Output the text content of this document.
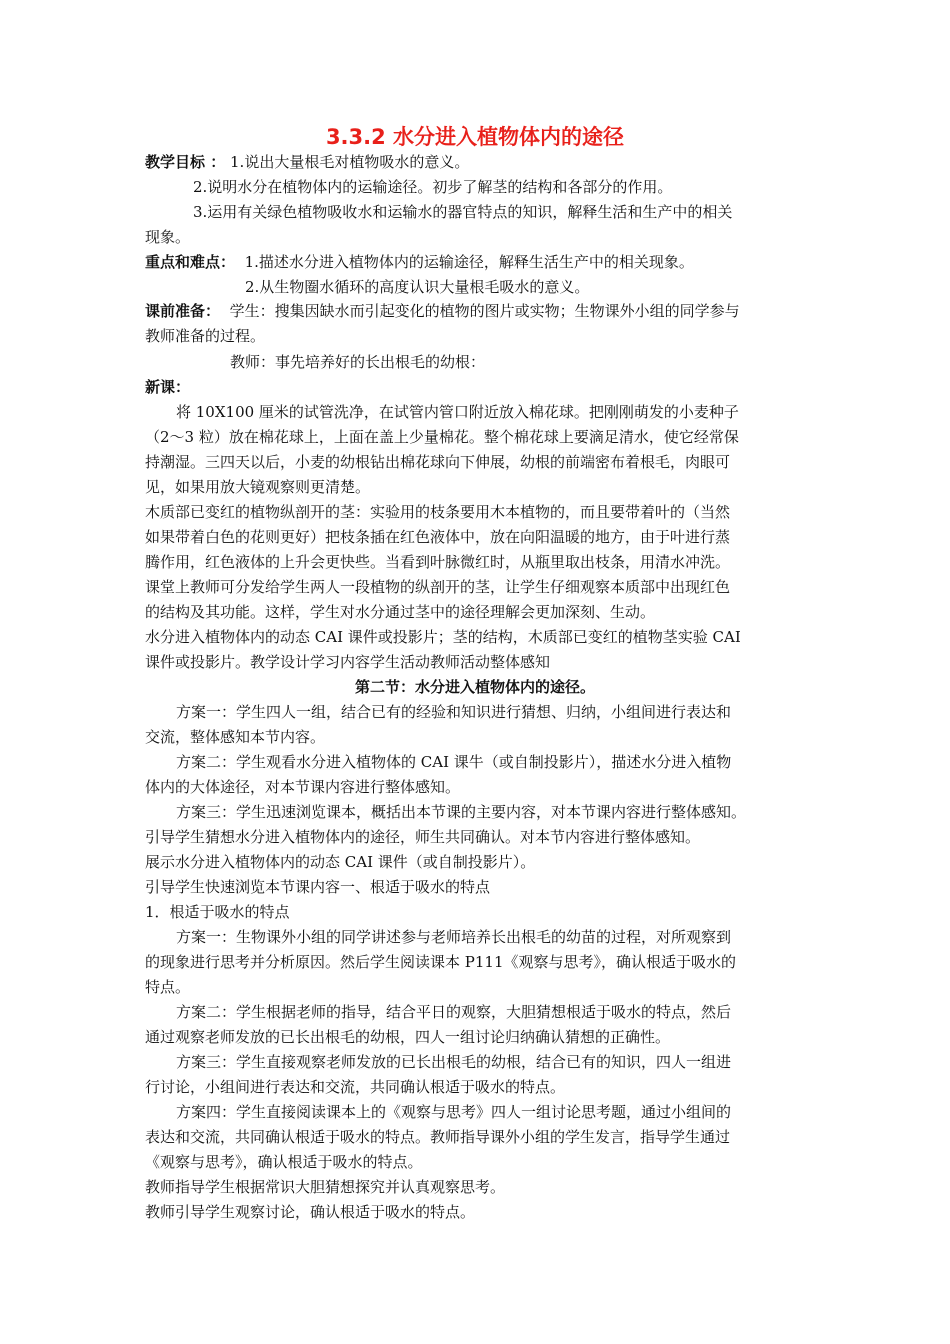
3.3.2 水分进入植物体内的途径
教学目标 ： 1.说出大量根毛对植物吸水的意义。
2.说明水分在植物体内的运输途径。初步了解茎的结构和各部分的作用。
3.运用有关绿色植物吸收水和运输水的器官特点的知识，解释生活和生产中的相关
现象。
重点和难点： 1.描述水分进入植物体内的运输途径，解释生活生产中的相关现象。
2.从生物圈水循环的高度认识大量根毛吸水的意义。
课前准备： 学生：搜集因缺水而引起变化的植物的图片或实物；生物课外小组的同学参与
教师准备的过程。
教师：事先培养好的长出根毛的幼根：
新课：
将 10X100 厘米的试管洗净，在试管内管口附近放入棉花球。把刚刚萌发的小麦种子
（2～3 粒）放在棉花球上，上面在盖上少量棉花。整个棉花球上要滴足清水，使它经常保
持潮湿。三四天以后，小麦的幼根钻出棉花球向下伸展，幼根的前端密布着根毛，肉眼可
见，如果用放大镜观察则更清楚。
木质部已变红的植物纵剖开的茎：实验用的枝条要用木本植物的，而且要带着叶的（当然
如果带着白色的花则更好）把枝条插在红色液体中，放在向阳温暖的地方，由于叶进行蒸
腾作用，红色液体的上升会更快些。当看到叶脉微红时，从瓶里取出枝条，用清水冲洗。
课堂上教师可分发给学生两人一段植物的纵剖开的茎，让学生仔细观察本质部中出现红色
的结构及其功能。这样，学生对水分通过茎中的途径理解会更加深刻、生动。
水分进入植物体内的动态 CAI 课件或投影片；茎的结构，木质部已变红的植物茎实验 CAI
课件或投影片。教学设计学习内容学生活动教师活动整体感知
第二节：水分进入植物体内的途径。
方案一：学生四人一组，结合已有的经验和知识进行猜想、归纳，小组间进行表达和
交流，整体感知本节内容。
方案二：学生观看水分进入植物体的 CAI 课牛（或自制投影片），描述水分进入植物
体内的大体途径，对本节课内容进行整体感知。
方案三：学生迅速浏览课本，概括出本节课的主要内容，对本节课内容进行整体感知。
引导学生猜想水分进入植物体内的途径，师生共同确认。对本节内容进行整体感知。
展示水分进入植物体内的动态 CAI 课件（或自制投影片）。
引导学生快速浏览本节课内容一、根适于吸水的特点
1．根适于吸水的特点
方案一：生物课外小组的同学讲述参与老师培养长出根毛的幼苗的过程，对所观察到
的现象进行思考并分析原因。然后学生阅读课本 P111《观察与思考》，确认根适于吸水的
特点。
方案二：学生根据老师的指导，结合平日的观察，大胆猜想根适于吸水的特点，然后
通过观察老师发放的已长出根毛的幼根，四人一组讨论归纳确认猜想的正确性。
方案三：学生直接观察老师发放的已长出根毛的幼根，结合已有的知识，四人一组进
行讨论，小组间进行表达和交流，共同确认根适于吸水的特点。
方案四：学生直接阅读课本上的《观察与思考》四人一组讨论思考题，通过小组间的
表达和交流，共同确认根适于吸水的特点。教师指导课外小组的学生发言，指导学生通过
《观察与思考》，确认根适于吸水的特点。
教师指导学生根据常识大胆猜想探究并认真观察思考。
教师引导学生观察讨论，确认根适于吸水的特点。
